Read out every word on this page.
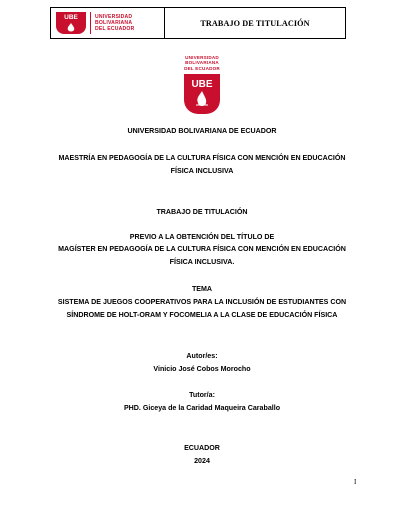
UBE	UNIVERSIDAD
BOLIVARIANA
DEL ECUADOR
TRABAJO DE TITULACIÓN
UNIVERSIDAD
BOLIVARIANA
DEL ECUADOR
UBE
UNIVERSIDAD BOLIVARIANA DE ECUADOR
MAESTRÍA EN PEDAGOGÍA DE LA CULTURA FÍSICA CON MENCIÓN EN EDUCACIÓN
FÍSICA INCLUSIVA
TRABAJO DE TITULACIÓN
PREVIO A LA OBTENCIÓN DEL TÍTULO DE
MAGÍSTER EN PEDAGOGÍA DE LA CULTURA FÍSICA CON MENCIÓN EN EDUCACIÓN
FÍSICA INCLUSIVA.
TEMA
SISTEMA DE JUEGOS COOPERATIVOS PARA LA INCLUSIÓN DE ESTUDIANTES CON
SÍNDROME DE HOLT-ORAM Y FOCOMELIA A LA CLASE DE EDUCACIÓN FÍSICA
Autor/es:
Vinicio José Cobos Morocho
Tutor/a:
PHD. Giceya de la Caridad Maqueira Caraballo
ECUADOR
2024
I
